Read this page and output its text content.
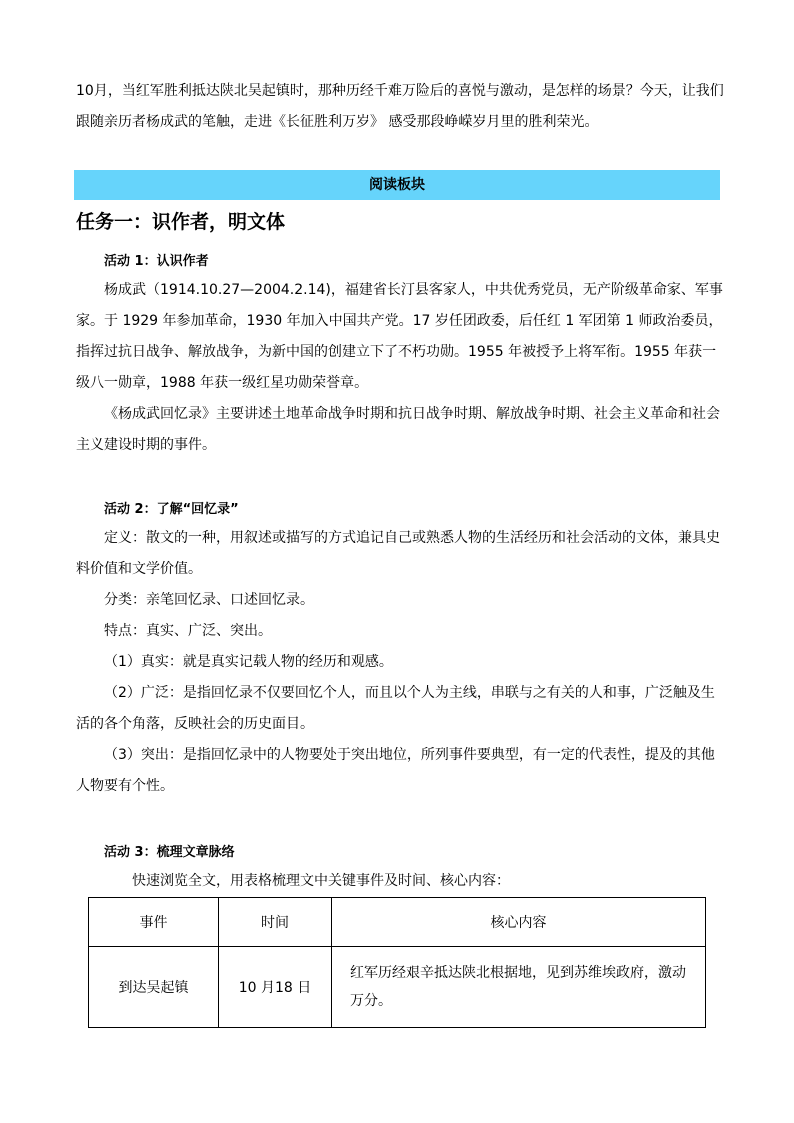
10月，当红军胜利抵达陕北吴起镇时，那种历经千难万险后的喜悦与激动，是怎样的场景？今天，让我们

跟随亲历者杨成武的笔触，走进《长征胜利万岁》 感受那段峥嵘岁月里的胜利荣光。

阅读板块
任务一：识作者，明文体

活动 1：认识作者

杨成武（1914.10.27—2004.2.14)，福建省长汀县客家人，中共优秀党员，无产阶级革命家、军事家。于 1929 年参加革命，1930 年加入中国共产党。17 岁任团政委，后任红 1 军团第 1 师政治委员，指挥过抗日战争、解放战争，为新中国的创建立下了不朽功勋。1955 年被授予上将军衔。1955 年获一级八一勋章，1988 年获一级红星功勋荣誉章。

《杨成武回忆录》主要讲述土地革命战争时期和抗日战争时期、解放战争时期、社会主义革命和社会主义建设时期的事件。

活动 2：了解“回忆录”

定义：散文的一种，用叙述或描写的方式追记自己或熟悉人物的生活经历和社会活动的文体，兼具史料价值和文学价值。

分类：亲笔回忆录、口述回忆录。

特点：真实、广泛、突出。

（1）真实：就是真实记载人物的经历和观感。

（2）广泛：是指回忆录不仅要回忆个人，而且以个人为主线，串联与之有关的人和事，广泛触及生活的各个角落，反映社会的历史面目。

（3）突出：是指回忆录中的人物要处于突出地位，所列事件要典型，有一定的代表性，提及的其他人物要有个性。

活动 3：梳理文章脉络

快速浏览全文，用表格梳理文中关键事件及时间、核心内容：

事件	时间	核心内容
到达吴起镇	10 月18 日	红军历经艰辛抵达陕北根据地，见到苏维埃政府，激动万分。
